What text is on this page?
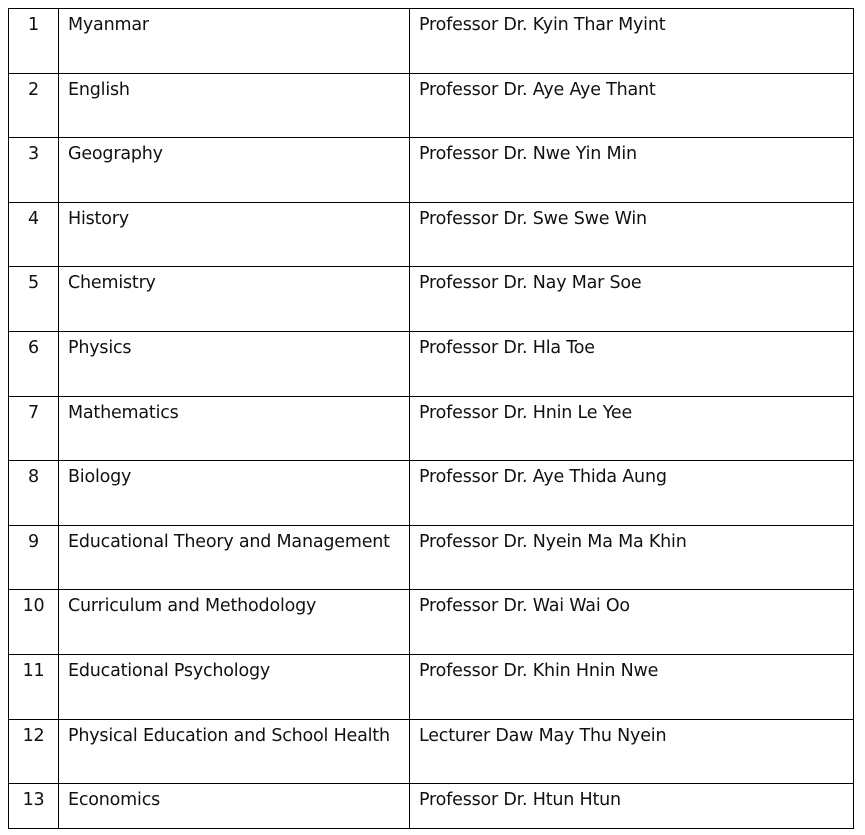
1	Myanmar	Professor Dr. Kyin Thar Myint

2	English	Professor Dr. Aye Aye Thant

3	Geography	Professor Dr. Nwe Yin Min

4	History	Professor Dr. Swe Swe Win

5	Chemistry	Professor Dr. Nay Mar Soe

6	Physics	Professor Dr. Hla Toe

7	Mathematics	Professor Dr. Hnin Le Yee

8	Biology	Professor Dr. Aye Thida Aung

9	Educational Theory and Management	Professor Dr. Nyein Ma Ma Khin

10	Curriculum and Methodology	Professor Dr. Wai Wai Oo

11	Educational Psychology	Professor Dr. Khin Hnin Nwe

12	Physical Education and School Health	Lecturer Daw May Thu Nyein

13	Economics	Professor Dr. Htun Htun
